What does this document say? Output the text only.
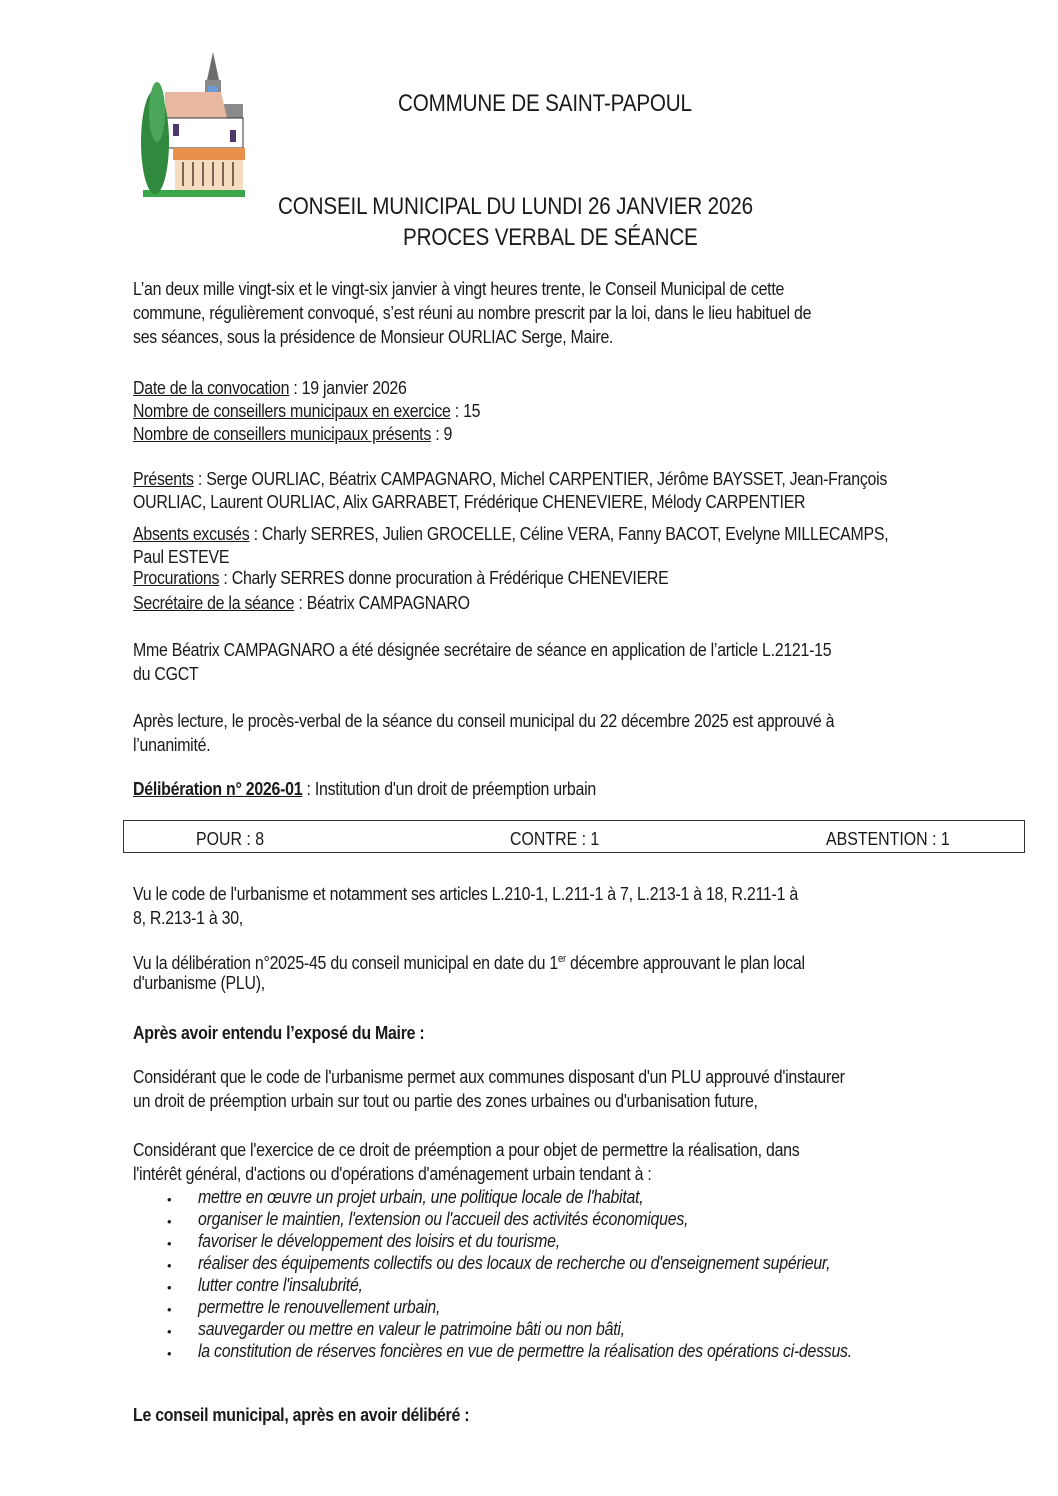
COMMUNE DE SAINT-PAPOUL
CONSEIL MUNICIPAL DU LUNDI 26 JANVIER 2026
PROCES VERBAL DE SÉANCE
L’an deux mille vingt-six et le vingt-six janvier à vingt heures trente, le Conseil Municipal de cette
commune, régulièrement convoqué, s’est réuni au nombre prescrit par la loi, dans le lieu habituel de
ses séances, sous la présidence de Monsieur OURLIAC Serge, Maire.
Date de la convocation : 19 janvier 2026
Nombre de conseillers municipaux en exercice : 15
Nombre de conseillers municipaux présents : 9
Présents : Serge OURLIAC, Béatrix CAMPAGNARO, Michel CARPENTIER, Jérôme BAYSSET, Jean-François
OURLIAC, Laurent OURLIAC, Alix GARRABET, Frédérique CHENEVIERE, Mélody CARPENTIER
Absents excusés : Charly SERRES, Julien GROCELLE, Céline VERA, Fanny BACOT, Evelyne MILLECAMPS,
Paul ESTEVE
Procurations : Charly SERRES donne procuration à Frédérique CHENEVIERE
Secrétaire de la séance : Béatrix CAMPAGNARO
Mme Béatrix CAMPAGNARO a été désignée secrétaire de séance en application de l’article L.2121-15
du CGCT
Après lecture, le procès-verbal de la séance du conseil municipal du 22 décembre 2025 est approuvé à
l’unanimité.
Délibération n° 2026-01 : Institution d'un droit de préemption urbain
POUR : 8	CONTRE : 1	ABSTENTION : 1
Vu le code de l'urbanisme et notamment ses articles L.210-1, L.211-1 à 7, L.213-1 à 18, R.211-1 à
8, R.213-1 à 30,
Vu la délibération n°2025-45 du conseil municipal en date du 1er décembre approuvant le plan local
d'urbanisme (PLU),
Après avoir entendu l’exposé du Maire :
Considérant que le code de l'urbanisme permet aux communes disposant d'un PLU approuvé d'instaurer
un droit de préemption urbain sur tout ou partie des zones urbaines ou d'urbanisation future,
Considérant que l'exercice de ce droit de préemption a pour objet de permettre la réalisation, dans
l'intérêt général, d'actions ou d'opérations d'aménagement urbain tendant à :
• mettre en œuvre un projet urbain, une politique locale de l'habitat,
• organiser le maintien, l'extension ou l'accueil des activités économiques,
• favoriser le développement des loisirs et du tourisme,
• réaliser des équipements collectifs ou des locaux de recherche ou d'enseignement supérieur,
• lutter contre l'insalubrité,
• permettre le renouvellement urbain,
• sauvegarder ou mettre en valeur le patrimoine bâti ou non bâti,
• la constitution de réserves foncières en vue de permettre la réalisation des opérations ci-dessus.
Le conseil municipal, après en avoir délibéré :
